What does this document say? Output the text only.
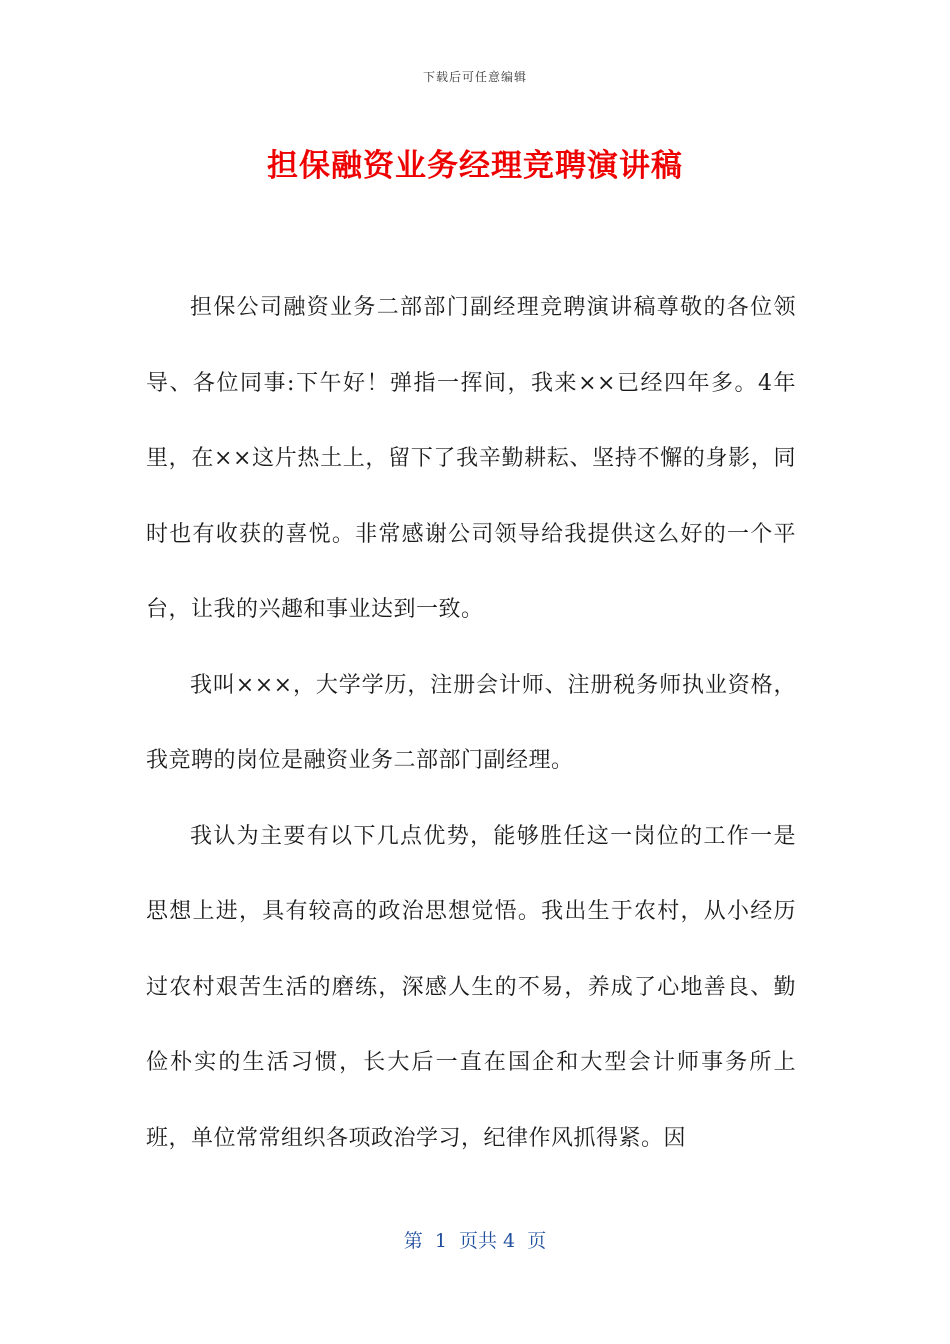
下载后可任意编辑
担保融资业务经理竞聘演讲稿

担保公司融资业务二部部门副经理竞聘演讲稿尊敬的各位领导、各位同事:下午好！弹指一挥间，我来××已经四年多。4年里，在××这片热土上，留下了我辛勤耕耘、坚持不懈的身影，同时也有收获的喜悦。非常感谢公司领导给我提供这么好的一个平台，让我的兴趣和事业达到一致。

我叫×××，大学学历，注册会计师、注册税务师执业资格，我竞聘的岗位是融资业务二部部门副经理。

我认为主要有以下几点优势，能够胜任这一岗位的工作一是思想上进，具有较高的政治思想觉悟。我出生于农村，从小经历过农村艰苦生活的磨练，深感人生的不易，养成了心地善良、勤俭朴实的生活习惯，长大后一直在国企和大型会计师事务所上班，单位常常组织各项政治学习，纪律作风抓得紧。因

第  1  页共 4  页
